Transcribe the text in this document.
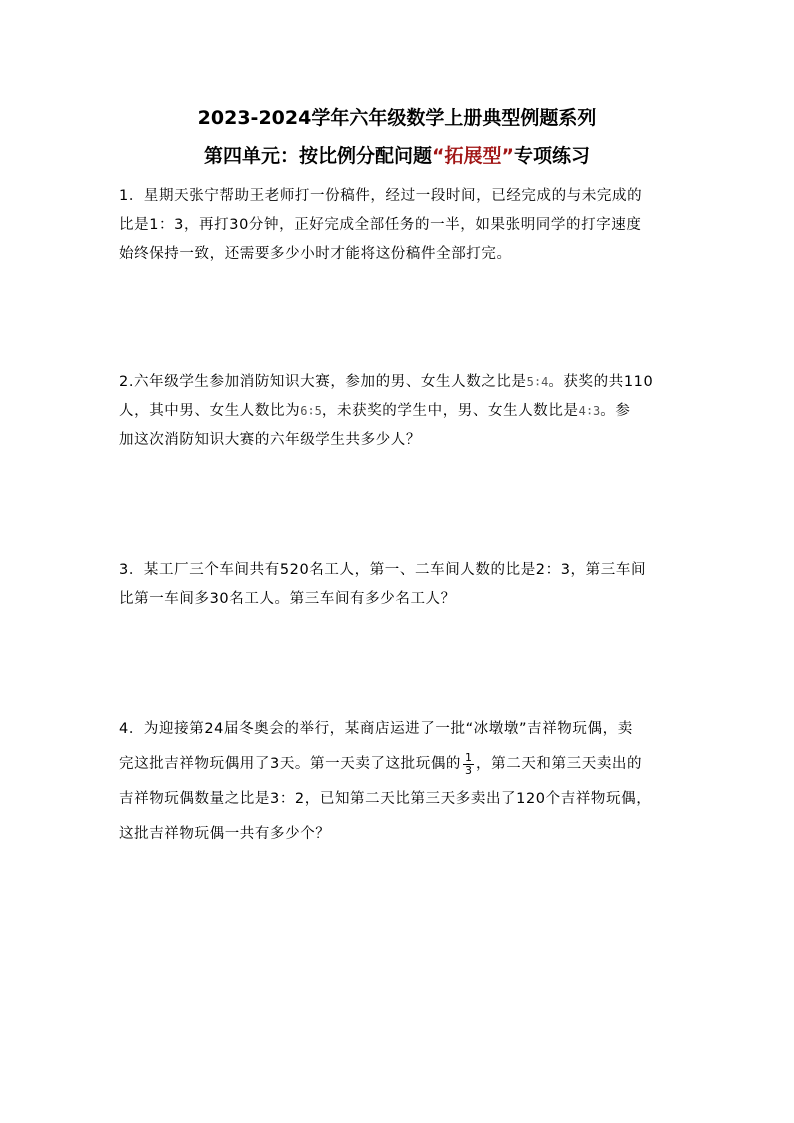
2023-2024学年六年级数学上册典型例题系列
第四单元：按比例分配问题“拓展型”专项练习
1．星期天张宁帮助王老师打一份稿件，经过一段时间，已经完成的与未完成的
比是1：3，再打30分钟，正好完成全部任务的一半，如果张明同学的打字速度
始终保持一致，还需要多少小时才能将这份稿件全部打完。
2.六年级学生参加消防知识大赛，参加的男、女生人数之比是5∶4。获奖的共110
人，其中男、女生人数比为6∶5，未获奖的学生中，男、女生人数比是4∶3。参
加这次消防知识大赛的六年级学生共多少人？
3．某工厂三个车间共有520名工人，第一、二车间人数的比是2：3，第三车间
比第一车间多30名工人。第三车间有多少名工人？
4．为迎接第24届冬奥会的举行，某商店运进了一批“冰墩墩”吉祥物玩偶，卖
完这批吉祥物玩偶用了3天。第一天卖了这批玩偶的 $\frac{1}{3}$ ，第二天和第三天卖出的
吉祥物玩偶数量之比是3：2，已知第二天比第三天多卖出了120个吉祥物玩偶，
这批吉祥物玩偶一共有多少个？
